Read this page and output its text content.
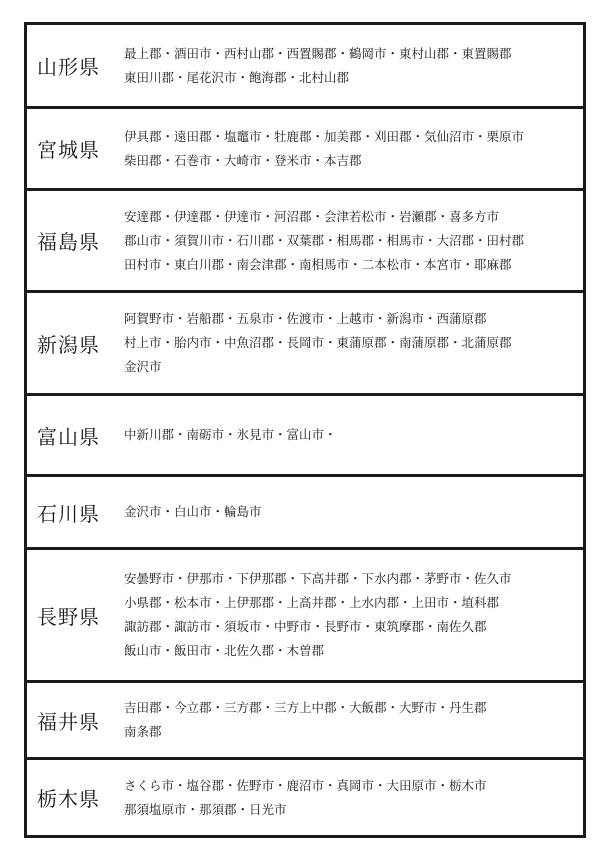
山形県
最上郡・酒田市・西村山郡・西置賜郡・鶴岡市・東村山郡・東置賜郡
東田川郡・尾花沢市・飽海郡・北村山郡
宮城県
伊具郡・遠田郡・塩竈市・牡鹿郡・加美郡・刈田郡・気仙沼市・栗原市
柴田郡・石巻市・大崎市・登米市・本吉郡
福島県
安達郡・伊達郡・伊達市・河沼郡・会津若松市・岩瀬郡・喜多方市
郡山市・須賀川市・石川郡・双葉郡・相馬郡・相馬市・大沼郡・田村郡
田村市・東白川郡・南会津郡・南相馬市・二本松市・本宮市・耶麻郡
新潟県
阿賀野市・岩船郡・五泉市・佐渡市・上越市・新潟市・西蒲原郡
村上市・胎内市・中魚沼郡・長岡市・東蒲原郡・南蒲原郡・北蒲原郡
金沢市
富山県	中新川郡・南砺市・氷見市・富山市・
石川県	金沢市・白山市・輪島市
長野県
安曇野市・伊那市・下伊那郡・下高井郡・下水内郡・茅野市・佐久市
小県郡・松本市・上伊那郡・上高井郡・上水内郡・上田市・埴科郡
諏訪郡・諏訪市・須坂市・中野市・長野市・東筑摩郡・南佐久郡
飯山市・飯田市・北佐久郡・木曽郡
福井県
吉田郡・今立郡・三方郡・三方上中郡・大飯郡・大野市・丹生郡
南条郡
栃木県
さくら市・塩谷郡・佐野市・鹿沼市・真岡市・大田原市・栃木市
那須塩原市・那須郡・日光市
